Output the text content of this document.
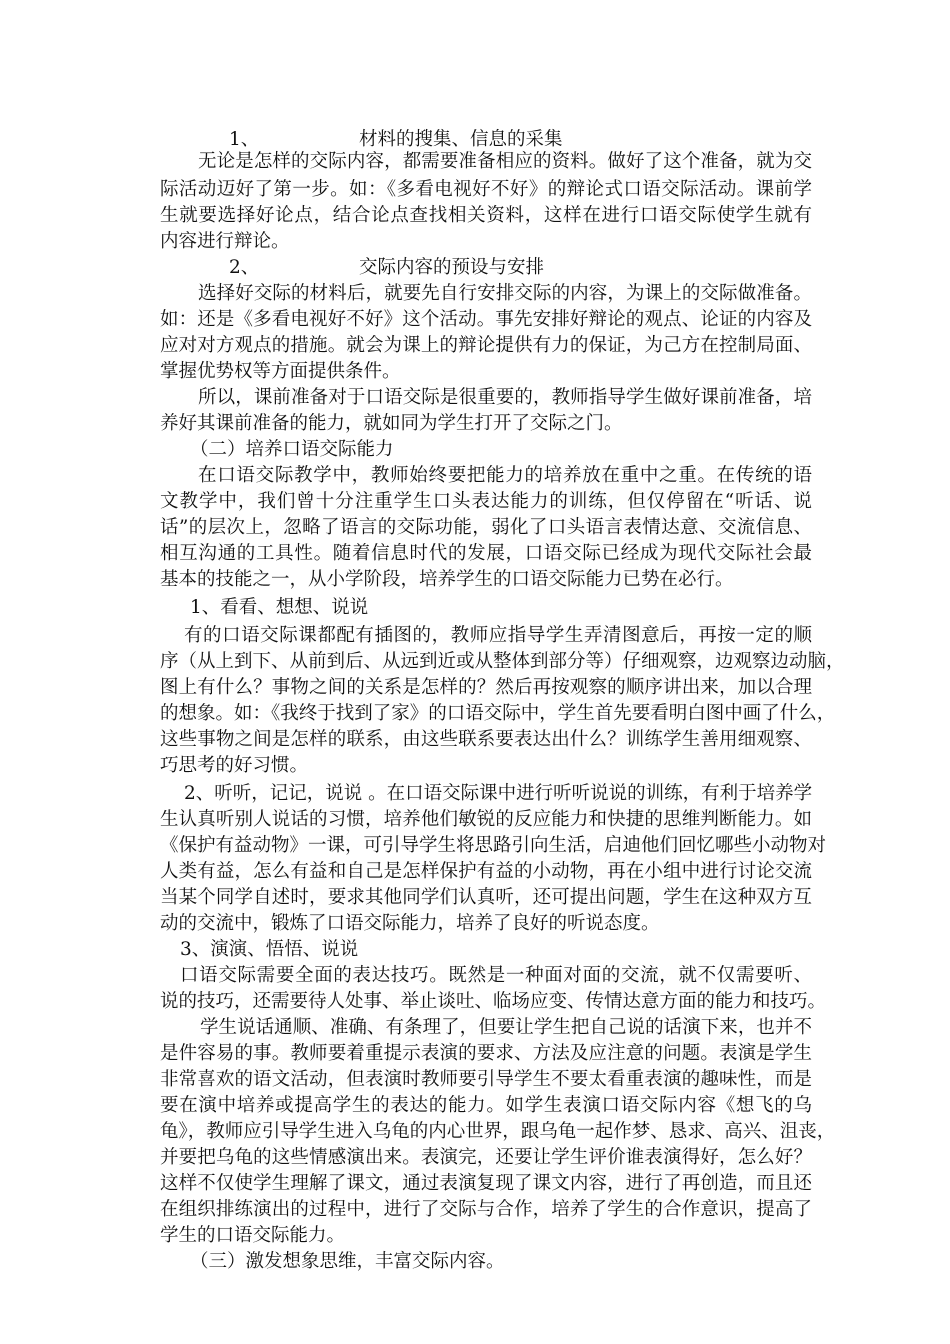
1、	材料的搜集、信息的采集
无论是怎样的交际内容，都需要准备相应的资料。做好了这个准备，就为交
际活动迈好了第一步。如：《多看电视好不好》的辩论式口语交际活动。课前学
生就要选择好论点，结合论点查找相关资料，这样在进行口语交际使学生就有
内容进行辩论。
2、	交际内容的预设与安排
选择好交际的材料后，就要先自行安排交际的内容，为课上的交际做准备。
如：还是《多看电视好不好》这个活动。事先安排好辩论的观点、论证的内容及
应对对方观点的措施。就会为课上的辩论提供有力的保证，为己方在控制局面、
掌握优势权等方面提供条件。
所以，课前准备对于口语交际是很重要的，教师指导学生做好课前准备，培
养好其课前准备的能力，就如同为学生打开了交际之门。
（二）培养口语交际能力
在口语交际教学中，教师始终要把能力的培养放在重中之重。在传统的语
文教学中，我们曾十分注重学生口头表达能力的训练，但仅停留在“听话、说
话”的层次上，忽略了语言的交际功能，弱化了口头语言表情达意、交流信息、
相互沟通的工具性。随着信息时代的发展，口语交际已经成为现代交际社会最
基本的技能之一，从小学阶段，培养学生的口语交际能力已势在必行。
1、看看、想想、说说
有的口语交际课都配有插图的，教师应指导学生弄清图意后，再按一定的顺
序（从上到下、从前到后、从远到近或从整体到部分等）仔细观察，边观察边动脑，
图上有什么？事物之间的关系是怎样的？然后再按观察的顺序讲出来，加以合理
的想象。如：《我终于找到了家》的口语交际中，学生首先要看明白图中画了什么，
这些事物之间是怎样的联系，由这些联系要表达出什么？训练学生善用细观察、
巧思考的好习惯。
2、听听，记记，说说 。在口语交际课中进行听听说说的训练，有利于培养学
生认真听别人说话的习惯，培养他们敏锐的反应能力和快捷的思维判断能力。如
《保护有益动物》一课，可引导学生将思路引向生活，启迪他们回忆哪些小动物对
人类有益，怎么有益和自己是怎样保护有益的小动物，再在小组中进行讨论交流
当某个同学自述时，要求其他同学们认真听，还可提出问题，学生在这种双方互
动的交流中，锻炼了口语交际能力，培养了良好的听说态度。
3、演演、悟悟、说说
口语交际需要全面的表达技巧。既然是一种面对面的交流，就不仅需要听、
说的技巧，还需要待人处事、举止谈吐、临场应变、传情达意方面的能力和技巧。
学生说话通顺、准确、有条理了，但要让学生把自己说的话演下来，也并不
是件容易的事。教师要着重提示表演的要求、方法及应注意的问题。表演是学生
非常喜欢的语文活动，但表演时教师要引导学生不要太看重表演的趣味性，而是
要在演中培养或提高学生的表达的能力。如学生表演口语交际内容《想飞的乌
龟》，教师应引导学生进入乌龟的内心世界，跟乌龟一起作梦、恳求、高兴、沮丧，
并要把乌龟的这些情感演出来。表演完，还要让学生评价谁表演得好，怎么好？
这样不仅使学生理解了课文，通过表演复现了课文内容，进行了再创造，而且还
在组织排练演出的过程中，进行了交际与合作，培养了学生的合作意识，提高了
学生的口语交际能力。
（三）激发想象思维，丰富交际内容。
